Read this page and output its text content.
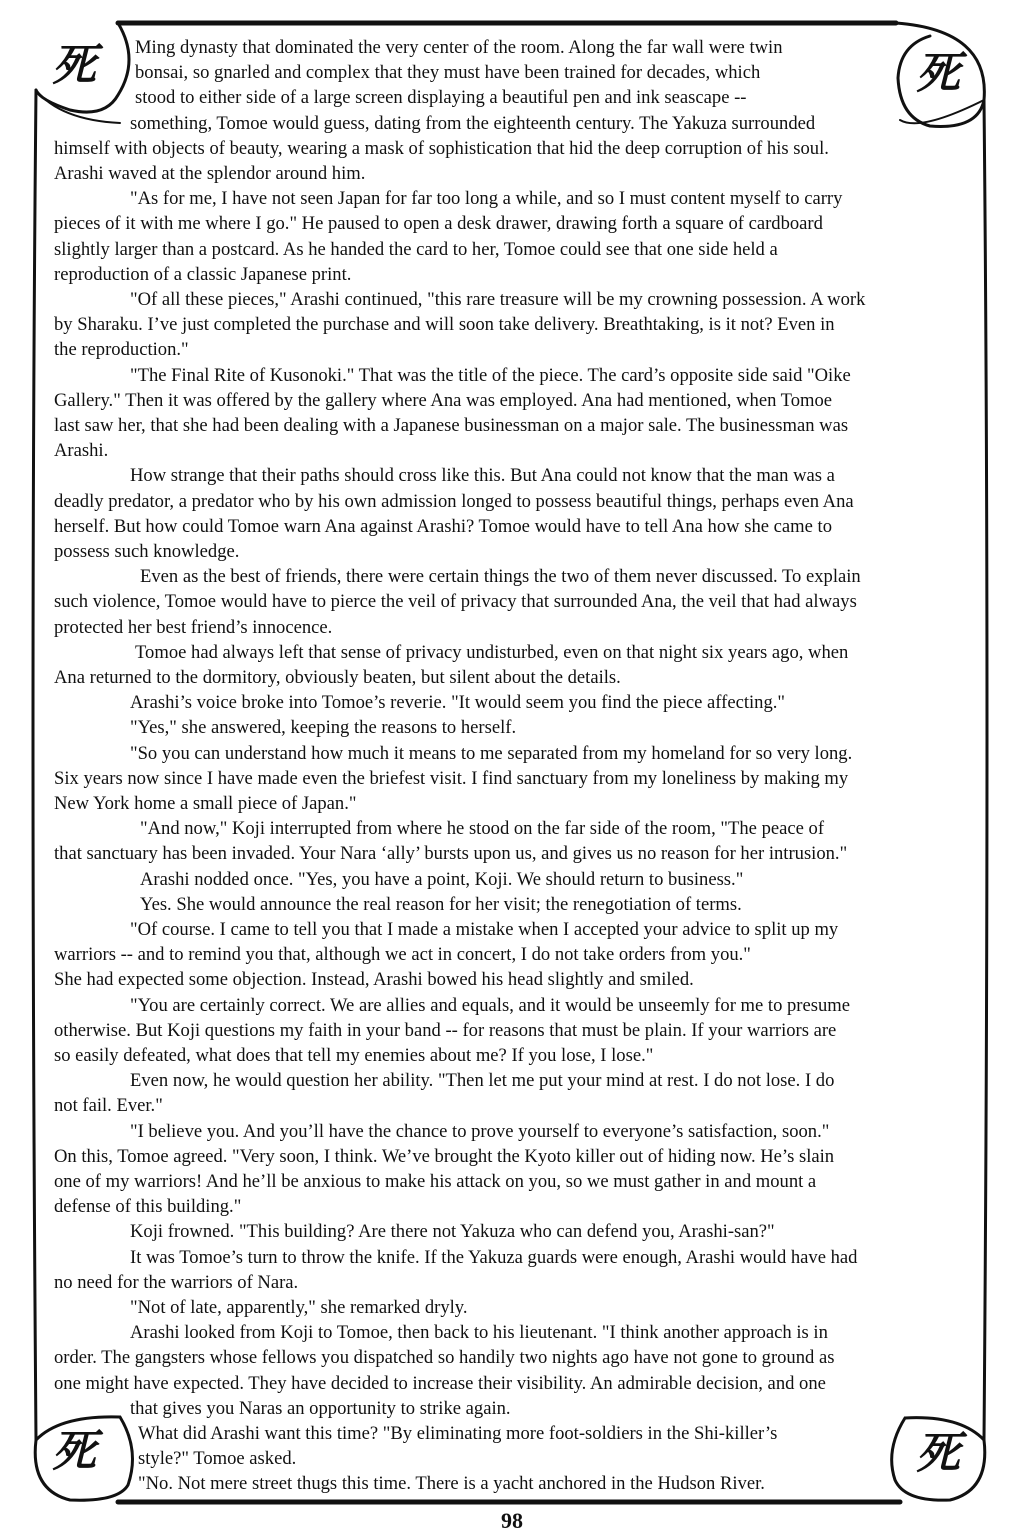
死	死
死	死
Ming dynasty that dominated the very center of the room. Along the far wall were twin
bonsai, so gnarled and complex that they must have been trained for decades, which
stood to either side of a large screen displaying a beautiful pen and ink seascape --
something, Tomoe would guess, dating from the eighteenth century. The Yakuza surrounded
himself with objects of beauty, wearing a mask of sophistication that hid the deep corruption of his soul.
Arashi waved at the splendor around him.
"As for me, I have not seen Japan for far too long a while, and so I must content myself to carry
pieces of it with me where I go." He paused to open a desk drawer, drawing forth a square of cardboard
slightly larger than a postcard. As he handed the card to her, Tomoe could see that one side held a
reproduction of a classic Japanese print.
"Of all these pieces," Arashi continued, "this rare treasure will be my crowning possession. A work
by Sharaku. I’ve just completed the purchase and will soon take delivery. Breathtaking, is it not? Even in
the reproduction."
"The Final Rite of Kusonoki." That was the title of the piece. The card’s opposite side said "Oike
Gallery." Then it was offered by the gallery where Ana was employed. Ana had mentioned, when Tomoe
last saw her, that she had been dealing with a Japanese businessman on a major sale. The businessman was
Arashi.
How strange that their paths should cross like this. But Ana could not know that the man was a
deadly predator, a predator who by his own admission longed to possess beautiful things, perhaps even Ana
herself. But how could Tomoe warn Ana against Arashi? Tomoe would have to tell Ana how she came to
possess such knowledge.
Even as the best of friends, there were certain things the two of them never discussed. To explain
such violence, Tomoe would have to pierce the veil of privacy that surrounded Ana, the veil that had always
protected her best friend’s innocence.
Tomoe had always left that sense of privacy undisturbed, even on that night six years ago, when
Ana returned to the dormitory, obviously beaten, but silent about the details.
Arashi’s voice broke into Tomoe’s reverie. "It would seem you find the piece affecting."
"Yes," she answered, keeping the reasons to herself.
"So you can understand how much it means to me separated from my homeland for so very long.
Six years now since I have made even the briefest visit. I find sanctuary from my loneliness by making my
New York home a small piece of Japan."
"And now," Koji interrupted from where he stood on the far side of the room, "The peace of
that sanctuary has been invaded. Your Nara ‘ally’ bursts upon us, and gives us no reason for her intrusion."
Arashi nodded once. "Yes, you have a point, Koji. We should return to business."
Yes. She would announce the real reason for her visit; the renegotiation of terms.
"Of course. I came to tell you that I made a mistake when I accepted your advice to split up my
warriors -- and to remind you that, although we act in concert, I do not take orders from you."
She had expected some objection. Instead, Arashi bowed his head slightly and smiled.
"You are certainly correct. We are allies and equals, and it would be unseemly for me to presume
otherwise. But Koji questions my faith in your band -- for reasons that must be plain. If your warriors are
so easily defeated, what does that tell my enemies about me? If you lose, I lose."
Even now, he would question her ability. "Then let me put your mind at rest. I do not lose. I do
not fail. Ever."
"I believe you. And you’ll have the chance to prove yourself to everyone’s satisfaction, soon."
On this, Tomoe agreed. "Very soon, I think. We’ve brought the Kyoto killer out of hiding now. He’s slain
one of my warriors! And he’ll be anxious to make his attack on you, so we must gather in and mount a
defense of this building."
Koji frowned. "This building? Are there not Yakuza who can defend you, Arashi-san?"
It was Tomoe’s turn to throw the knife. If the Yakuza guards were enough, Arashi would have had
no need for the warriors of Nara.
"Not of late, apparently," she remarked dryly.
Arashi looked from Koji to Tomoe, then back to his lieutenant. "I think another approach is in
order. The gangsters whose fellows you dispatched so handily two nights ago have not gone to ground as
one might have expected. They have decided to increase their visibility. An admirable decision, and one
that gives you Naras an opportunity to strike again.
What did Arashi want this time? "By eliminating more foot-soldiers in the Shi-killer’s
style?" Tomoe asked.
"No. Not mere street thugs this time. There is a yacht anchored in the Hudson River.
98
